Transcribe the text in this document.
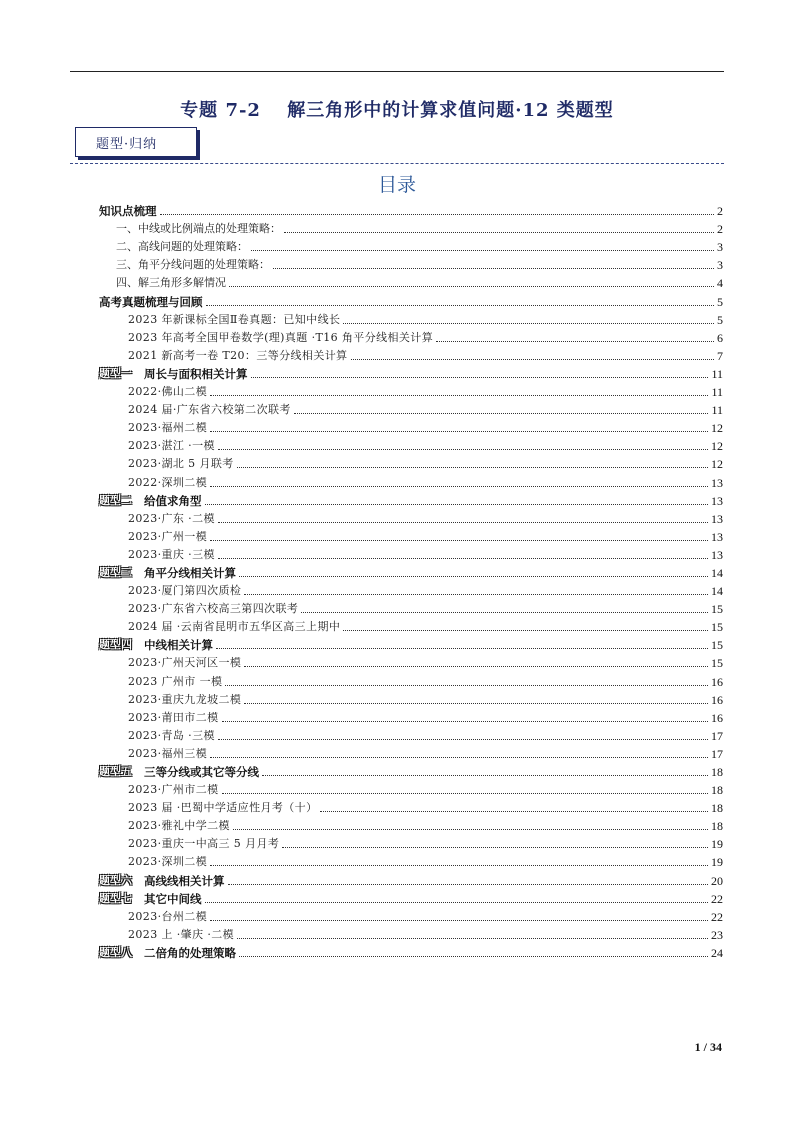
专题 7-2　 解三角形中的计算求值问题·12 类题型
题型·归纳
目录
知识点梳理	2
一、中线或比例端点的处理策略：	2
二、高线问题的处理策略：	3
三、角平分线问题的处理策略：	3
四、解三角形多解情况	4
高考真题梳理与回顾	5
2023 年新课标全国Ⅱ卷真题：已知中线长	5
2023 年高考全国甲卷数学(理)真题 ·T16 角平分线相关计算	6
2021 新高考一卷 T20：三等分线相关计算	7
题型一 周长与面积相关计算	11
2022·佛山二模	11
2024 届·广东省六校第二次联考	11
2023·福州二模	12
2023·湛江 ·一模	12
2023·湖北 5 月联考	12
2022·深圳二模	13
题型二 给值求角型	13
2023·广东 ·二模	13
2023·广州一模	13
2023·重庆 ·三模	13
题型三 角平分线相关计算	14
2023·厦门第四次质检	14
2023·广东省六校高三第四次联考	15
2024 届 ·云南省昆明市五华区高三上期中	15
题型四 中线相关计算	15
2023·广州天河区一模	15
2023 广州市 一模	16
2023·重庆九龙坡二模	16
2023·莆田市二模	16
2023·青岛 ·三模	17
2023·福州三模	17
题型五 三等分线或其它等分线	18
2023·广州市二模	18
2023 届 ·巴蜀中学适应性月考（十）	18
2023·雅礼中学二模	18
2023·重庆一中高三 5 月月考	19
2023·深圳二模	19
题型六 高线线相关计算	20
题型七 其它中间线	22
2023·台州二模	22
2023 上 ·肇庆 ·二模	23
题型八 二倍角的处理策略	24
1 / 34
